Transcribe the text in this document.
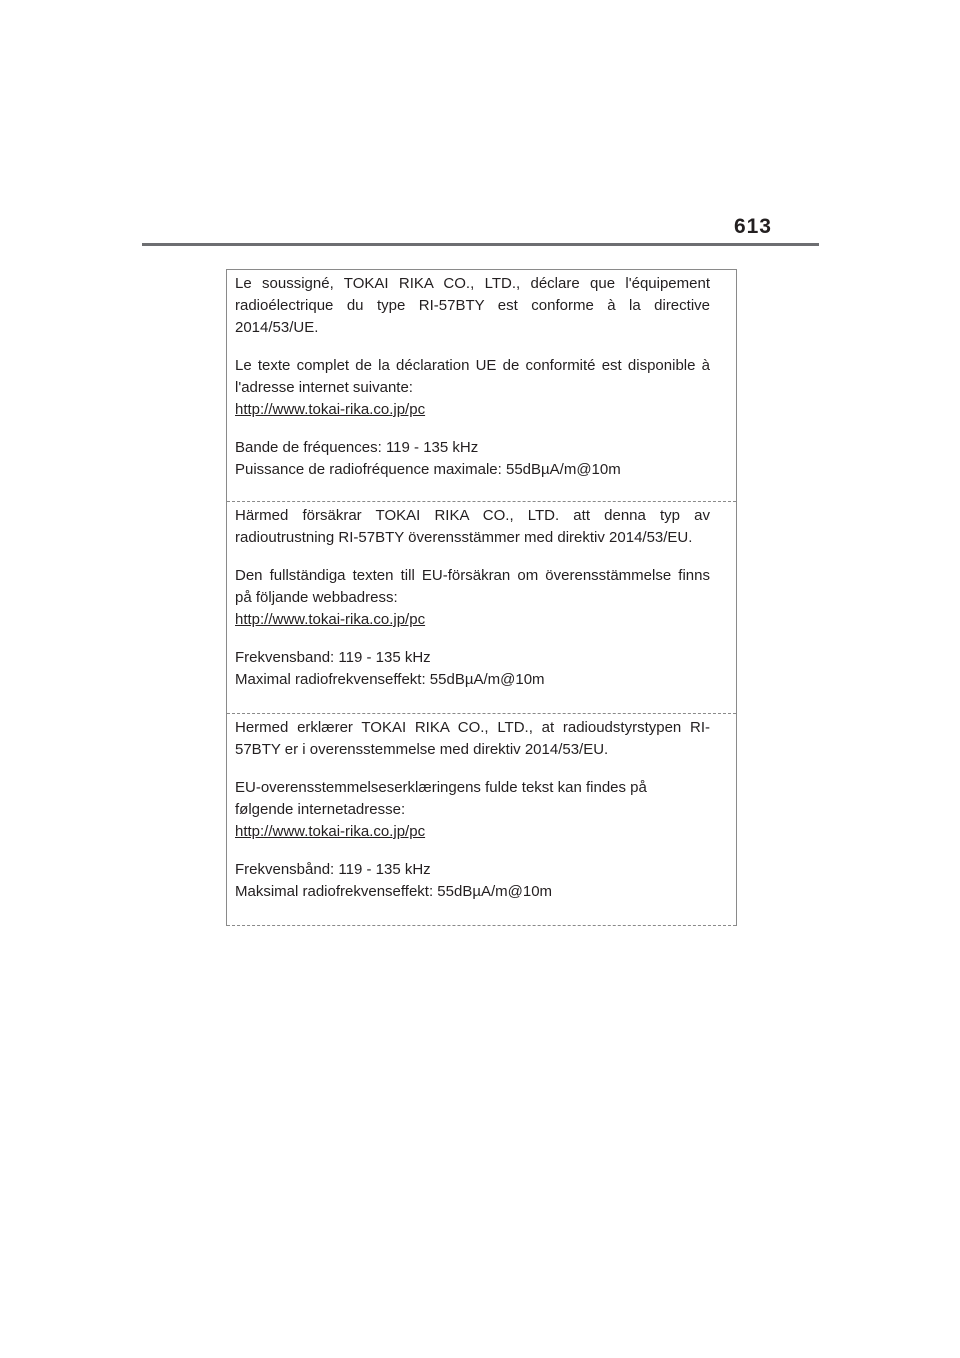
613

Le soussigné, TOKAI RIKA CO., LTD., déclare que l'équipement radioélectrique du type RI-57BTY est conforme à la directive 2014/53/UE.

Le texte complet de la déclaration UE de conformité est disponible à l'adresse internet suivante:

http://www.tokai-rika.co.jp/pc
Bande de fréquences: 119 - 135 kHz
Puissance de radiofréquence maximale: 55dBµA/m@10m

Härmed försäkrar TOKAI RIKA CO., LTD. att denna typ av radioutrustning RI-57BTY överensstämmer med direktiv 2014/53/EU.

Den fullständiga texten till EU-försäkran om överensstämmelse finns på följande webbadress:

http://www.tokai-rika.co.jp/pc
Frekvensband: 119 - 135 kHz
Maximal radiofrekvenseffekt: 55dBµA/m@10m

Hermed erklærer TOKAI RIKA CO., LTD., at radioudstyrstypen RI-57BTY er i overensstemmelse med direktiv 2014/53/EU.

EU-overensstemmelseserklæringens fulde tekst kan findes på
følgende internetadresse:
http://www.tokai-rika.co.jp/pc
Frekvensbånd: 119 - 135 kHz
Maksimal radiofrekvenseffekt: 55dBµA/m@10m
